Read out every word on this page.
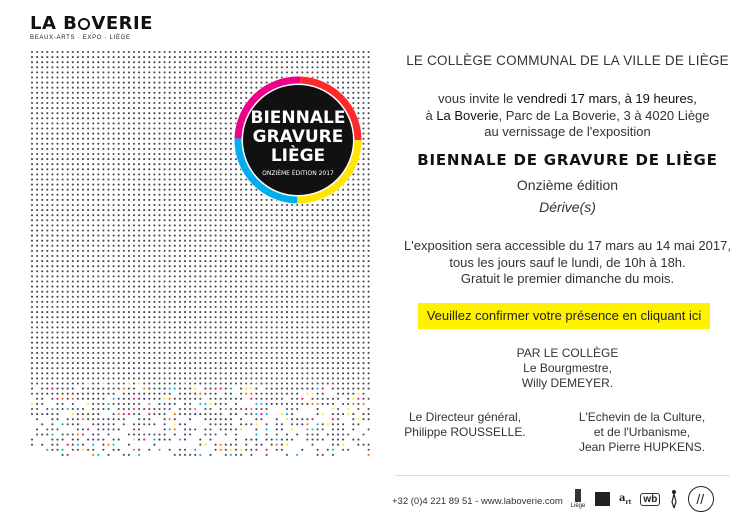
LA B VERIE
BEAUX-ARTS · EXPO · LIÈGE
BIENNALE
GRAVURE
LIÈGE
ONZIÈME ÉDITION 2017
LE COLLÈGE COMMUNAL DE LA VILLE DE LIÈGE
vous invite le vendredi 17 mars, à 19 heures,
à La Boverie, Parc de La Boverie, 3 à 4020 Liège
au vernissage de l'exposition
BIENNALE DE GRAVURE DE LIÈGE
Onzième édition
Dérive(s)
L'exposition sera accessible du 17 mars au 14 mai 2017,
tous les jours sauf le lundi, de 10h à 18h.
Gratuit le premier dimanche du mois.
Veuillez confirmer votre présence en cliquant ici
PAR LE COLLÈGE
Le Bourgmestre,
Willy DEMEYER.
Le Directeur général,
Philippe ROUSSELLE.
L'Echevin de la Culture,
et de l'Urbanisme,
Jean Pierre HUPKENS.
+32 (0)4 221 89 51 - www.laboverie.com Liège
$a_{rt}$	wb	//
